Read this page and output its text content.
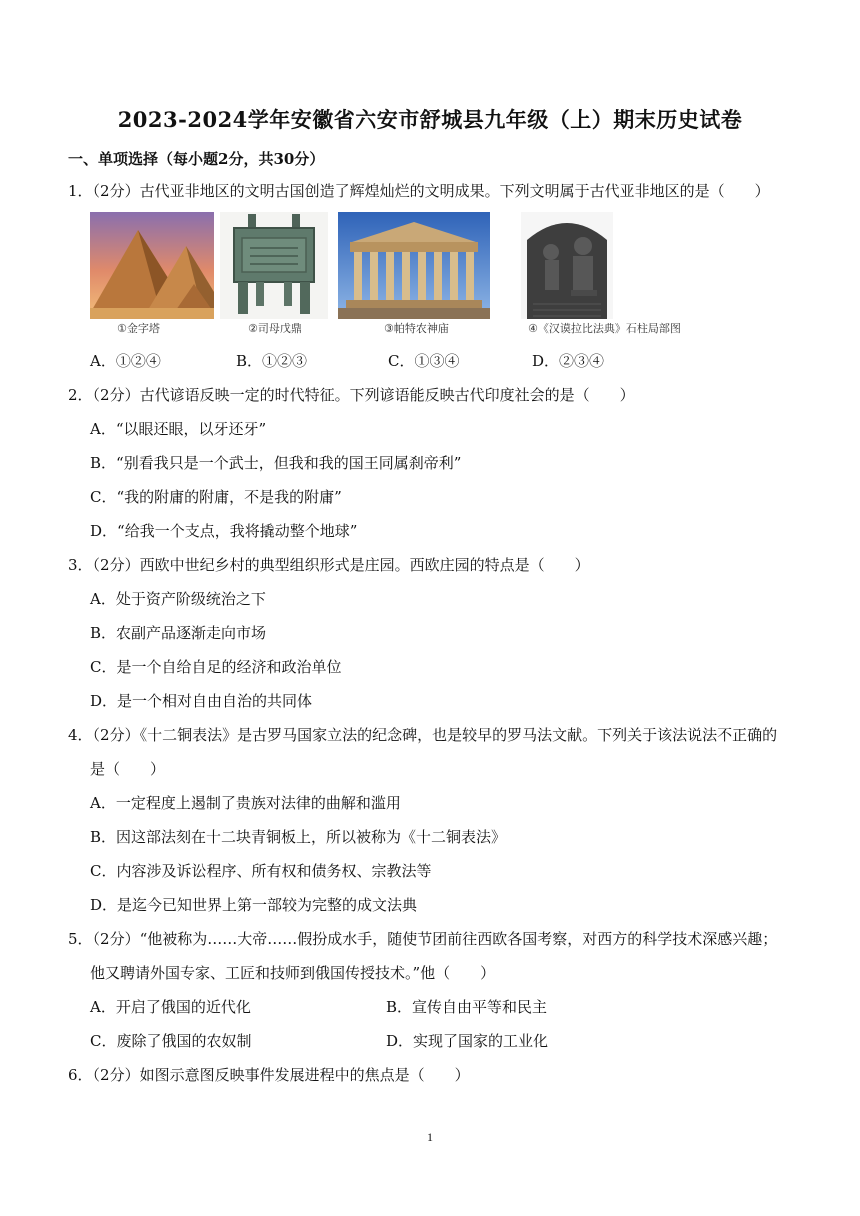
2023-2024学年安徽省六安市舒城县九年级（上）期末历史试卷
一、单项选择（每小题2分，共30分）
1．（2分）古代亚非地区的文明古国创造了辉煌灿烂的文明成果。下列文明属于古代亚非地区的是（　　）
①金字塔	②司母戊鼎	③帕特农神庙	④《汉谟拉比法典》石柱局部图
A．①②④	B．①②③	C．①③④	D．②③④
2．（2分）古代谚语反映一定的时代特征。下列谚语能反映古代印度社会的是（　　）
A．“以眼还眼，以牙还牙”
B．“别看我只是一个武士，但我和我的国王同属刹帝利”
C．“我的附庸的附庸，不是我的附庸”
D．“给我一个支点，我将撬动整个地球”
3．（2分）西欧中世纪乡村的典型组织形式是庄园。西欧庄园的特点是（　　）
A．处于资产阶级统治之下
B．农副产品逐渐走向市场
C．是一个自给自足的经济和政治单位
D．是一个相对自由自治的共同体
4．（2分）《十二铜表法》是古罗马国家立法的纪念碑，也是较早的罗马法文献。下列关于该法说法不正确的
是（　　）
A．一定程度上遏制了贵族对法律的曲解和滥用
B．因这部法刻在十二块青铜板上，所以被称为《十二铜表法》
C．内容涉及诉讼程序、所有权和债务权、宗教法等
D．是迄今已知世界上第一部较为完整的成文法典
5．（2分）“他被称为……大帝……假扮成水手，随使节团前往西欧各国考察，对西方的科学技术深感兴趣；
他又聘请外国专家、工匠和技师到俄国传授技术。”他（　　）
A．开启了俄国的近代化	B．宣传自由平等和民主
C．废除了俄国的农奴制	D．实现了国家的工业化
6．（2分）如图示意图反映事件发展进程中的焦点是（　　）
1
